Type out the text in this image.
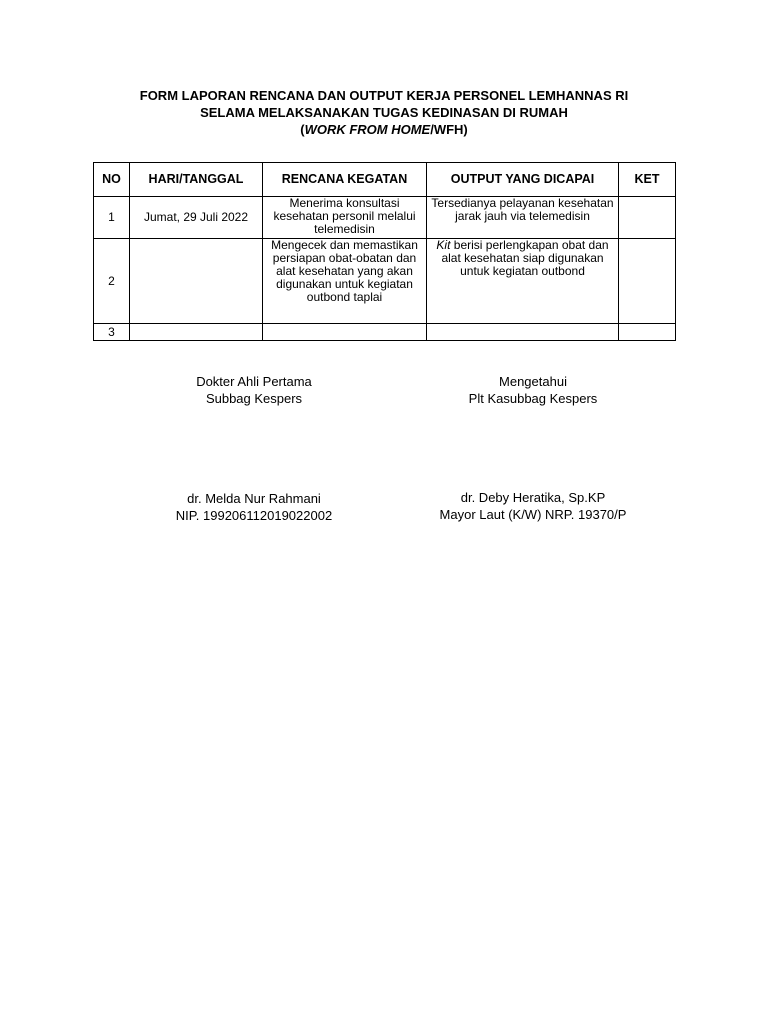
FORM LAPORAN RENCANA DAN OUTPUT KERJA PERSONEL LEMHANNAS RI
SELAMA MELAKSANAKAN TUGAS KEDINASAN DI RUMAH
(WORK FROM HOME/WFH)
NO	HARI/TANGGAL	RENCANA KEGATAN	OUTPUT YANG DICAPAI	KET
1	Jumat, 29 Juli 2022	Menerima konsultasi kesehatan personil melalui telemedisin	Tersedianya pelayanan kesehatan jarak jauh via telemedisin	
2		Mengecek dan memastikan persiapan obat-obatan dan alat kesehatan yang akan digunakan untuk kegiatan outbond taplai	Kit berisi perlengkapan obat dan alat kesehatan siap digunakan untuk kegiatan outbond	
3				
Dokter Ahli Pertama
Subbag Kespers
Mengetahui
Plt Kasubbag Kespers
dr. Melda Nur Rahmani
NIP. 199206112019022002
dr. Deby Heratika, Sp.KP
Mayor Laut (K/W) NRP. 19370/P
